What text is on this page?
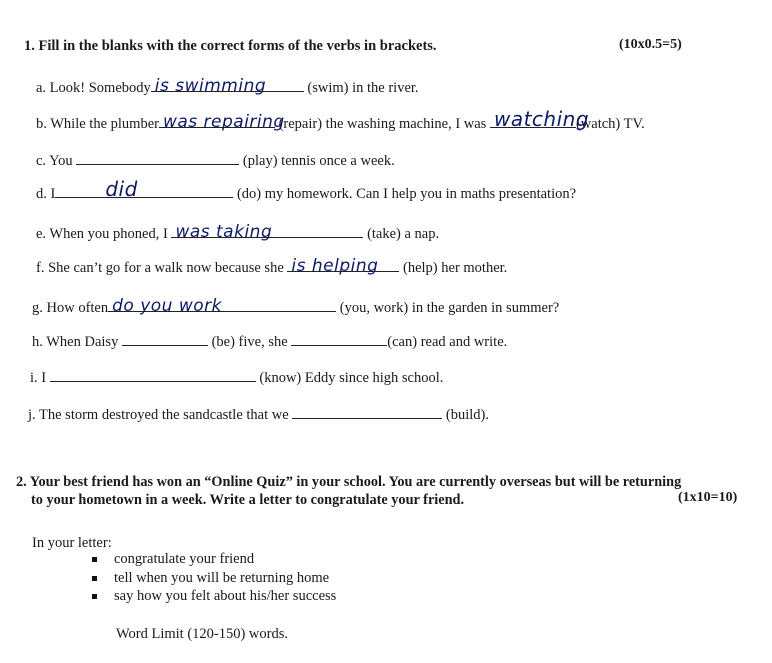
1. Fill in the blanks with the correct forms of the verbs in brackets.	(10x0.5=5)
a. Look! Somebody is swimming	(swim) in the river.
b. While the plumber was repairing
(repair) the washing machine, I was watching
(watch) TV.
c. You	(play) tennis once a week.
d. I	did	(do) my homework. Can I help you in maths presentation?
e. When you phoned, I was taking	(take) a nap.
f. She can’t go for a walk now because she is helping (help) her mother.
g. How often do you work	(you, work) in the garden in summer?
h. When Daisy	(be) five, she	(can) read and write.
i. I	(know) Eddy since high school.
j. The storm destroyed the sandcastle that we	(build).
2. Your best friend has won an “Online Quiz” in your school. You are currently overseas but will be returning
to your hometown in a week. Write a letter to congratulate your friend.	(1x10=10)
In your letter:
congratulate your friend
tell when you will be returning home
say how you felt about his/her success
Word Limit (120-150) words.
